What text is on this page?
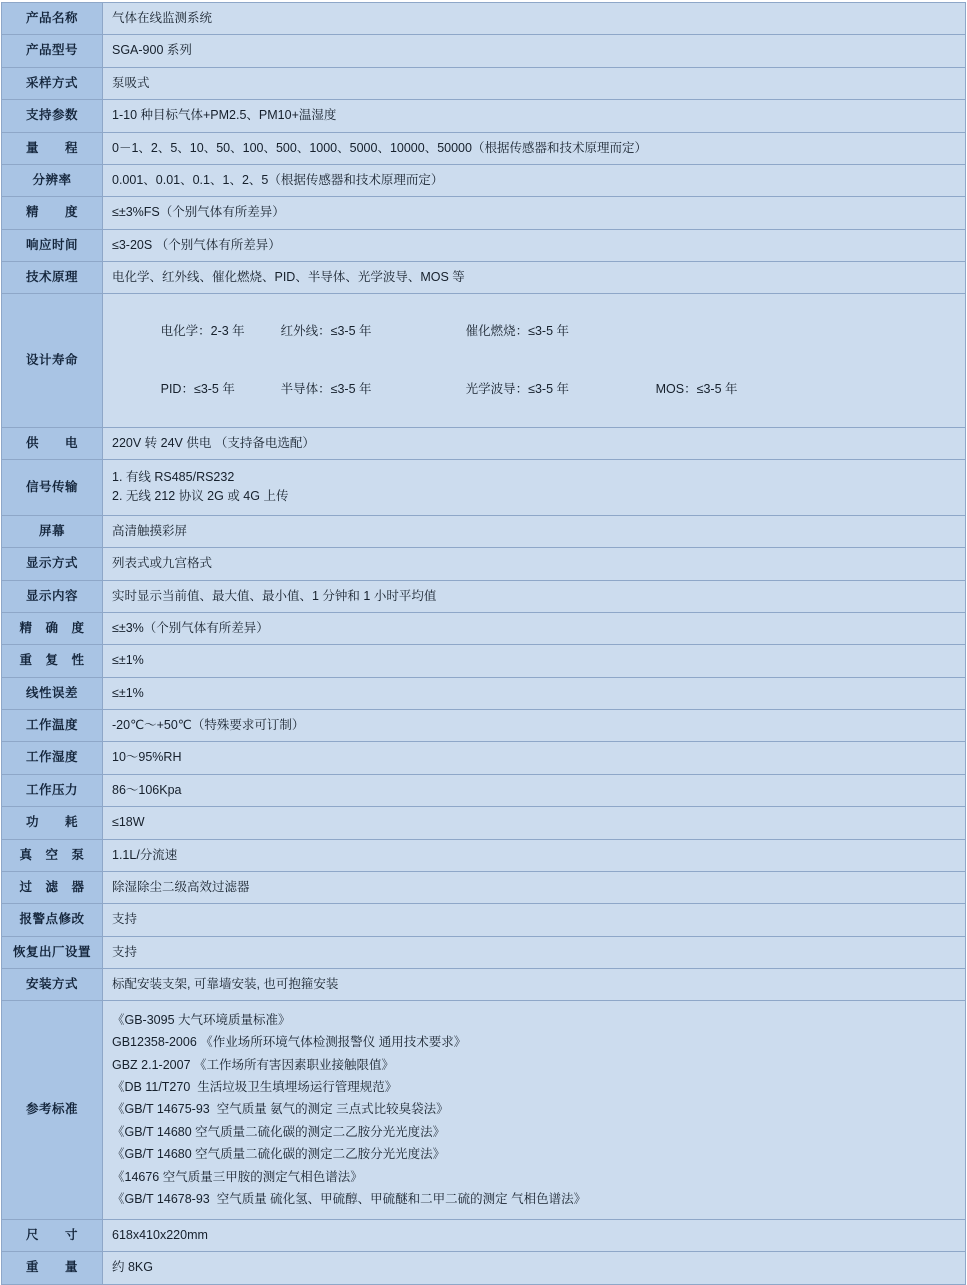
产品名称	气体在线监测系统
产品型号	SGA-900 系列
采样方式	泵吸式
支持参数	1-10 种目标气体+PM2.5、PM10+温湿度
量　　程	0－1、2、5、10、50、100、500、1000、5000、10000、50000（根据传感器和技术原理而定）
分辨率	0.001、0.01、0.1、1、2、5（根据传感器和技术原理而定）
精　　度	≤±3%FS（个别气体有所差异）
响应时间	≤3-20S （个别气体有所差异）
技术原理	电化学、红外线、催化燃烧、PID、半导体、光学波导、MOS 等
设计寿命	电化学：2-3 年 红外线：≤3-5 年 催化燃烧：≤3-5 年

PID：≤3-5 年 半导体：≤3-5 年 光学波导：≤3-5 年 MOS：≤3-5 年

供　　电	220V 转 24V 供电 （支持备电选配）
信号传输	1. 有线 RS485/RS232
2. 无线 212 协议 2G 或 4G 上传

屏幕	高清触摸彩屏
显示方式	列表式或九宫格式
显示内容	实时显示当前值、最大值、最小值、1 分钟和 1 小时平均值
精　确　度	≤±3%（个别气体有所差异）
重　复　性	≤±1%
线性误差	≤±1%
工作温度	-20℃～+50℃（特殊要求可订制）
工作湿度	10～95%RH
工作压力	86～106Kpa
功　　耗	≤18W
真　空　泵	1.1L/分流速
过　滤　器	除湿除尘二级高效过滤器
报警点修改	支持
恢复出厂设置	支持
安装方式	标配安装支架, 可靠墙安装, 也可抱箍安装
参考标准	
《GB-3095 大气环境质量标准》
GB12358-2006 《作业场所环境气体检测报警仪 通用技术要求》
GBZ 2.1-2007 《工作场所有害因素职业接触限值》
《DB 11/T270  生活垃圾卫生填埋场运行管理规范》
《GB/T 14675-93  空气质量 氨气的测定 三点式比较臭袋法》
《GB/T 14680 空气质量二硫化碳的测定二乙胺分光光度法》
《GB/T 14680 空气质量二硫化碳的测定二乙胺分光光度法》
《14676 空气质量三甲胺的测定气相色谱法》
《GB/T 14678-93  空气质量 硫化氢、甲硫醇、甲硫醚和二甲二硫的测定 气相色谱法》

尺　　寸	618x410x220mm
重　　量	约 8KG
